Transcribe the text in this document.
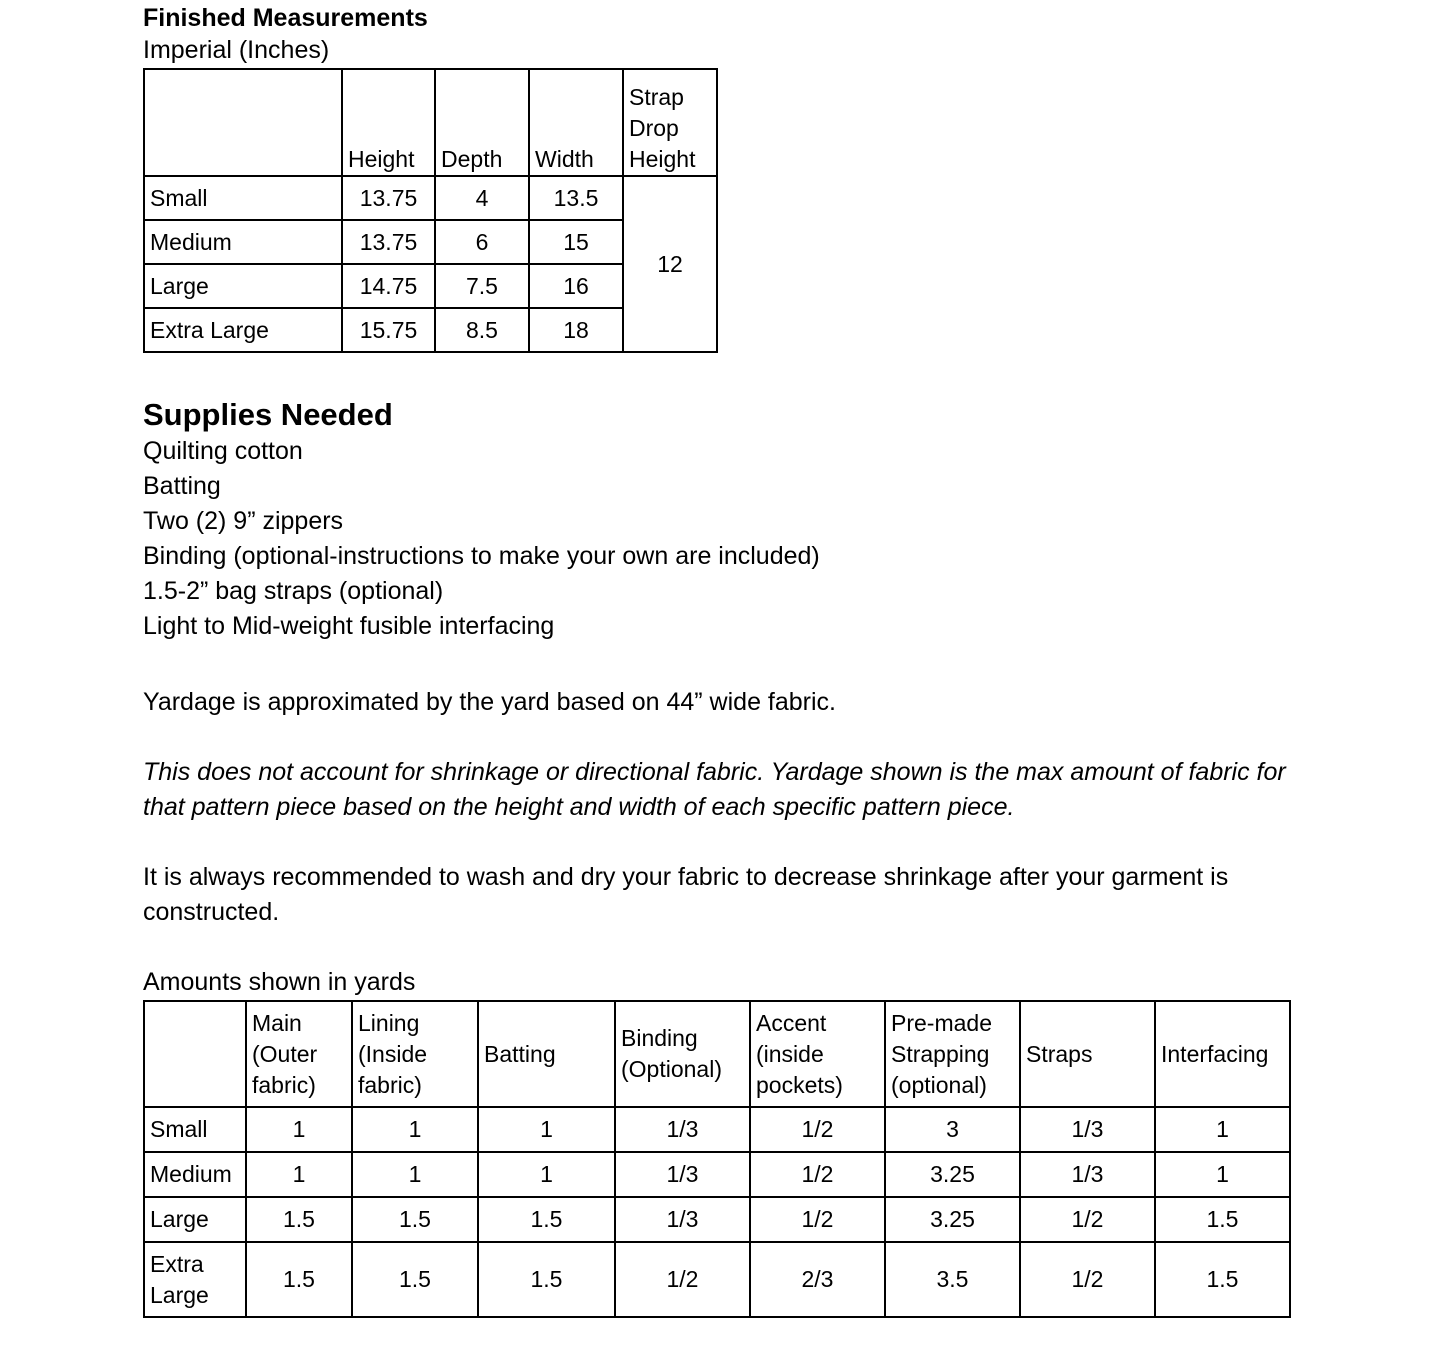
Finished Measurements
Imperial (Inches)
	Height	Depth	Width	Strap Drop Height
Small	13.75	4	13.5	12
Medium	13.75	6	15	
Large	14.75	7.5	16	
Extra Large	15.75	8.5	18	
Supplies Needed
Quilting cotton
Batting
Two (2) 9” zippers
Binding (optional-instructions to make your own are included)
1.5-2” bag straps (optional)
Light to Mid-weight fusible interfacing

Yardage is approximated by the yard based on 44” wide fabric.

This does not account for shrinkage or directional fabric. Yardage shown is the max amount of fabric for that pattern piece based on the height and width of each specific pattern piece.

It is always recommended to wash and dry your fabric to decrease shrinkage after your garment is constructed.

Amounts shown in yards

	Main (Outer fabric)	Lining (Inside fabric)	Batting	Binding (Optional)	Accent (inside pockets)	Pre-made Strapping (optional)	Straps	Interfacing
Small	1	1	1	1/3	1/2	3	1/3	1
Medium	1	1	1	1/3	1/2	3.25	1/3	1
Large	1.5	1.5	1.5	1/3	1/2	3.25	1/2	1.5
Extra Large	1.5	1.5	1.5	1/2	2/3	3.5	1/2	1.5
